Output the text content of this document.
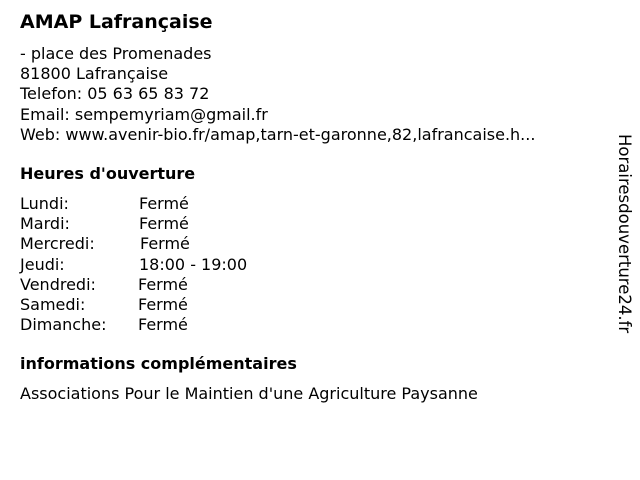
AMAP Lafrançaise
- place des Promenades
81800 Lafrançaise
Telefon: 05 63 65 83 72
Email: sempemyriam@gmail.fr
Web: www.avenir-bio.fr/amap,tarn-et-garonne,82,lafrancaise.h...
Heures d'ouverture
Lundi:	Fermé
Mardi:	Fermé
Mercredi:	Fermé
Jeudi:	18:00 - 19:00
Vendredi:	Fermé
Samedi:	Fermé
Dimanche: Fermé
informations complémentaires
Associations Pour le Maintien d'une Agriculture Paysanne
Horairesdouverture24.fr
